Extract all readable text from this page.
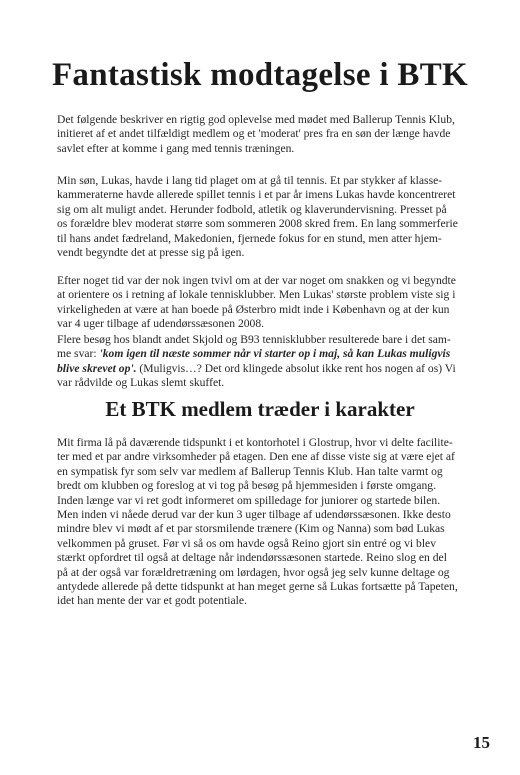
Fantastisk modtagelse i BTK

Det følgende beskriver en rigtig god oplevelse med mødet med Ballerup Tennis Klub,
initieret af et andet tilfældigt medlem og et 'moderat' pres fra en søn der længe havde
savlet efter at komme i gang med tennis træningen.

Min søn, Lukas, havde i lang tid plaget om at gå til tennis. Et par stykker af klasse-
kammeraterne havde allerede spillet tennis i et par år imens Lukas havde koncentreret
sig om alt muligt andet. Herunder fodbold, atletik og klaverundervisning. Presset på
os forældre blev moderat større som sommeren 2008 skred frem. En lang sommerferie
til hans andet fædreland, Makedonien, fjernede fokus for en stund, men atter hjem-
vendt begyndte det at presse sig på igen.

Efter noget tid var der nok ingen tvivl om at der var noget om snakken og vi begyndte
at orientere os i retning af lokale tennisklubber. Men Lukas' største problem viste sig i
virkeligheden at være at han boede på Østerbro midt inde i København og at der kun
var 4 uger tilbage af udendørssæsonen 2008.

Flere besøg hos blandt andet Skjold og B93 tennisklubber resulterede bare i det sam-
me svar: 'kom igen til næste sommer når vi starter op i maj, så kan Lukas muligvis
blive skrevet op'. (Muligvis…? Det ord klingede absolut ikke rent hos nogen af os) Vi
var rådvilde og Lukas slemt skuffet.

Et BTK medlem træder i karakter

Mit firma lå på daværende tidspunkt i et kontorhotel i Glostrup, hvor vi delte facilite-
ter med et par andre virksomheder på etagen. Den ene af disse viste sig at være ejet af
en sympatisk fyr som selv var medlem af Ballerup Tennis Klub. Han talte varmt og
bredt om klubben og foreslog at vi tog på besøg på hjemmesiden i første omgang.
Inden længe var vi ret godt informeret om spilledage for juniorer og startede bilen.
Men inden vi nåede derud var der kun 3 uger tilbage af udendørssæsonen. Ikke desto
mindre blev vi mødt af et par storsmilende trænere (Kim og Nanna) som bød Lukas
velkommen på gruset. Før vi så os om havde også Reino gjort sin entré og vi blev
stærkt opfordret til også at deltage når indendørssæsonen startede. Reino slog en del
på at der også var forældretræning om lørdagen, hvor også jeg selv kunne deltage og
antydede allerede på dette tidspunkt at han meget gerne så Lukas fortsætte på Tapeten,
idet han mente der var et godt potentiale.

15
